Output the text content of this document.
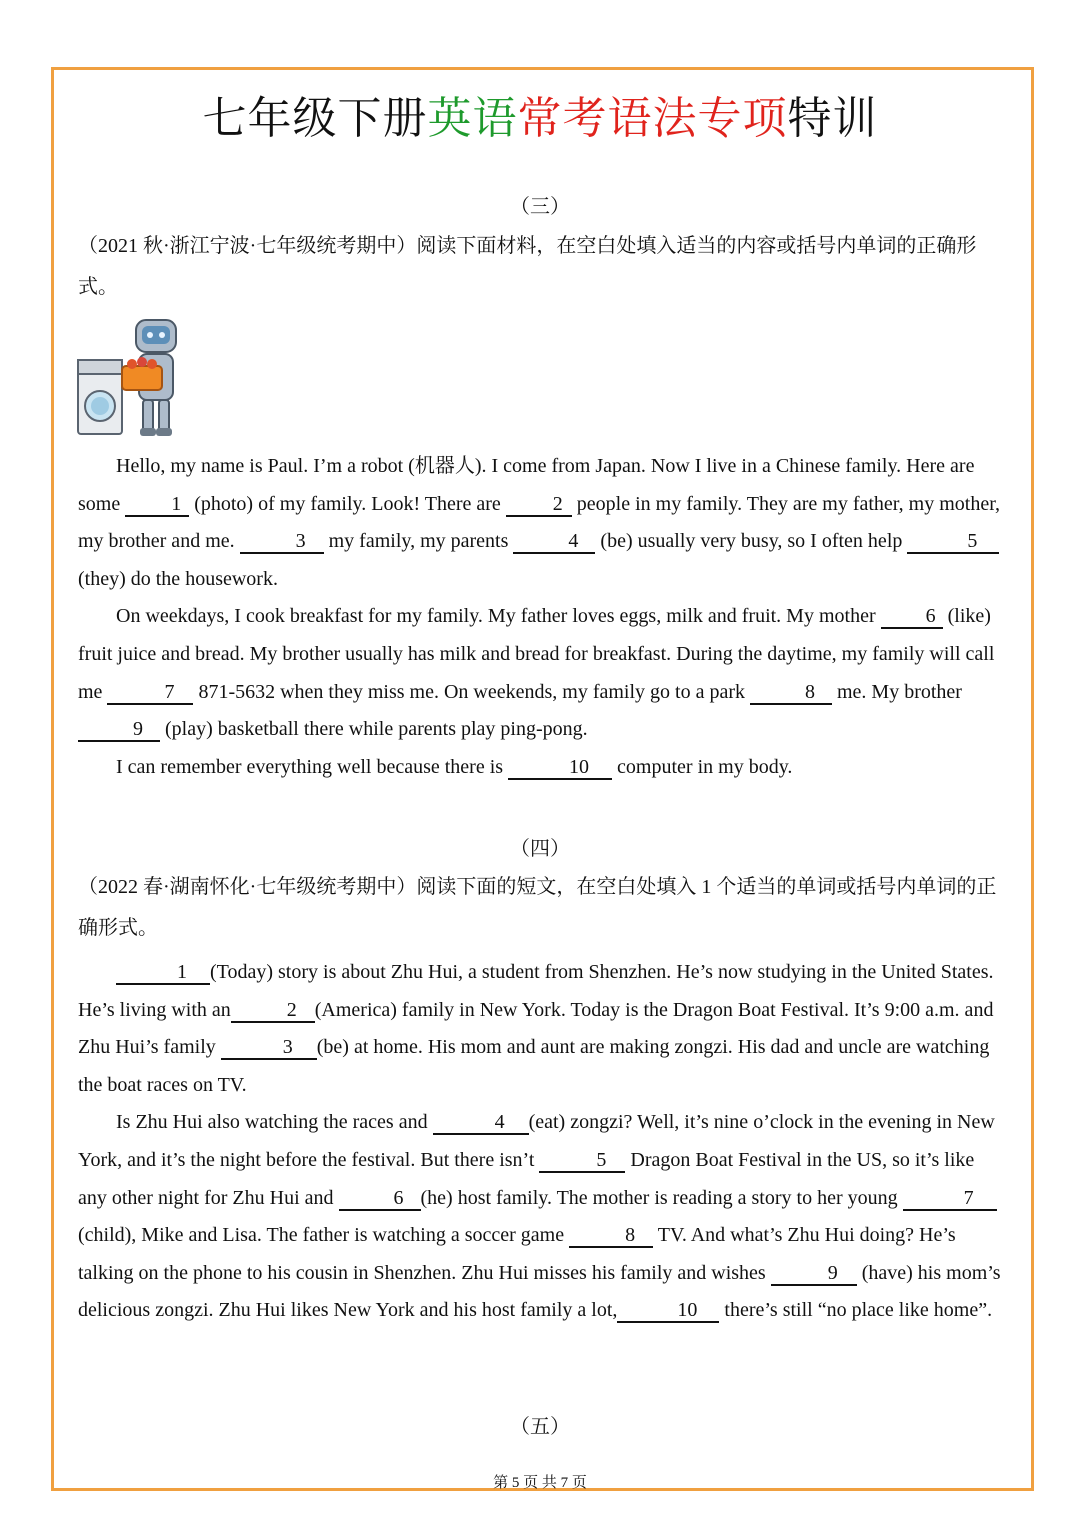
七年级下册英语常考语法专项特训
（三）
（2021 秋·浙江宁波·七年级统考期中）阅读下面材料，在空白处填入适当的内容或括号内单词的正确形式。

Hello, my name is Paul. I’m a robot (机器人). I come from Japan. Now I live in a Chinese family. Here are some 1 (photo) of my family. Look! There are 2 people in my family. They are my father, my mother, my brother and me.	3 my family, my parents	4 (be) usually very busy, so I often help	5 (they) do the housework.

On weekdays, I cook breakfast for my family. My father loves eggs, milk and fruit. My mother 6 (like) fruit juice and bread. My brother usually has milk and bread for breakfast. During the daytime, my family will call me	7 871-5632 when they miss me. On weekends, my family go to a park	8 me. My brother 9 (play) basketball there while parents play ping-pong.

I can remember everything well because there is	10 computer in my body.

（四）
（2022 春·湖南怀化·七年级统考期中）阅读下面的短文，在空白处填入 1 个适当的单词或括号内单词的正确形式。

1 (Today) story is about Zhu Hui, a student from Shenzhen. He’s now studying in the United States. He’s living with an	2 (America) family in New York. Today is the Dragon Boat Festival. It’s 9:00 a.m. and Zhu Hui’s family	3 (be) at home. His mom and aunt are making zongzi. His dad and uncle are watching the boat races on TV.

Is Zhu Hui also watching the races and	4 (eat) zongzi? Well, it’s nine o’clock in the evening in New York, and it’s the night before the festival. But there isn’t	5 Dragon Boat Festival in the US, so it’s like any other night for Zhu Hui and	6 (he) host family. The mother is reading a story to her young	7(child), Mike and Lisa. The father is watching a soccer game	8 TV. And what’s Zhu Hui doing? He’s talking on the phone to his cousin in Shenzhen. Zhu Hui misses his family and wishes	9 (have) his mom’s delicious zongzi. Zhu Hui likes New York and his host family a lot,	10 there’s still “no place like home”.

（五）
第 5 页 共 7 页
